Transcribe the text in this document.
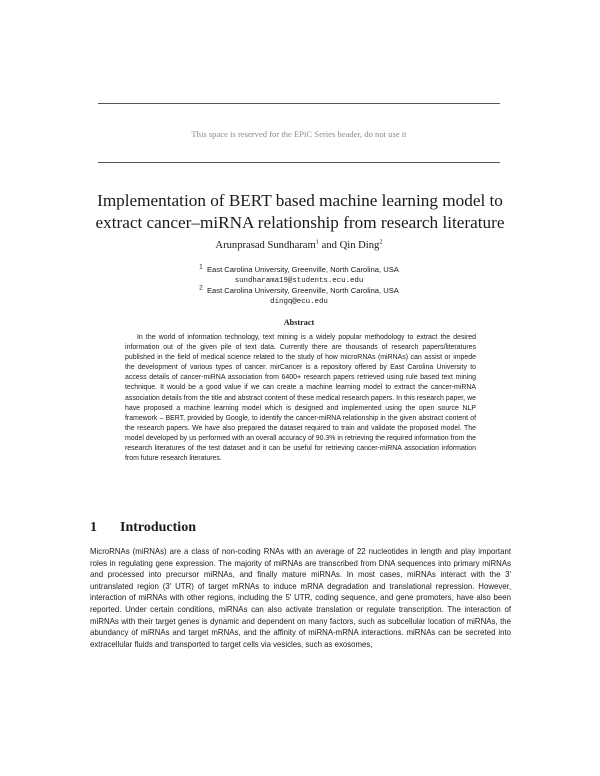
This space is reserved for the EPiC Series header, do not use it
Implementation of BERT based machine learning model to extract cancer–miRNA relationship from research literature
Arunprasad Sundharam$^1$ and Qin Ding$^2$
$^1$ East Carolina University, Greenville, North Carolina, USA
sundharama19@students.ecu.edu
$^2$ East Carolina University, Greenville, North Carolina, USA
dingq@ecu.edu
Abstract

In the world of information technology, text mining is a widely popular methodology to extract the desired information out of the given pile of text data. Currently there are thousands of research papers/literatures published in the field of medical science related to the study of how microRNAs (miRNAs) can assist or impede the development of various types of cancer. mirCancer is a repository offered by East Carolina University to access details of cancer-miRNA association from 6400+ research papers retrieved using rule based text mining technique. It would be a good value if we can create a machine learning model to extract the cancer-miRNA association details from the title and abstract content of these medical research papers. In this research paper, we have proposed a machine learning model which is designed and implemented using the open source NLP framework – BERT, provided by Google, to identify the cancer-miRNA relationship in the given abstract content of the research papers. We have also prepared the dataset required to train and validate the proposed model. The model developed by us performed with an overall accuracy of 90.3% in retrieving the required information from the research literatures of the test dataset and it can be useful for retrieving cancer-miRNA association information from future research literatures.

1 Introduction

MicroRNAs (miRNAs) are a class of non-coding RNAs with an average of 22 nucleotides in length and play important roles in regulating gene expression. The majority of miRNAs are transcribed from DNA sequences into primary miRNAs and processed into precursor miRNAs, and finally mature miRNAs. In most cases, miRNAs interact with the 3' untranslated region (3' UTR) of target mRNAs to induce mRNA degradation and translational repression. However, interaction of miRNAs with other regions, including the 5' UTR, coding sequence, and gene promoters, have also been reported. Under certain conditions, miRNAs can also activate translation or regulate transcription. The interaction of miRNAs with their target genes is dynamic and dependent on many factors, such as subcellular location of miRNAs, the abundancy of miRNAs and target mRNAs, and the affinity of miRNA-mRNA interactions. miRNAs can be secreted into extracellular fluids and transported to target cells via vesicles, such as exosomes,
